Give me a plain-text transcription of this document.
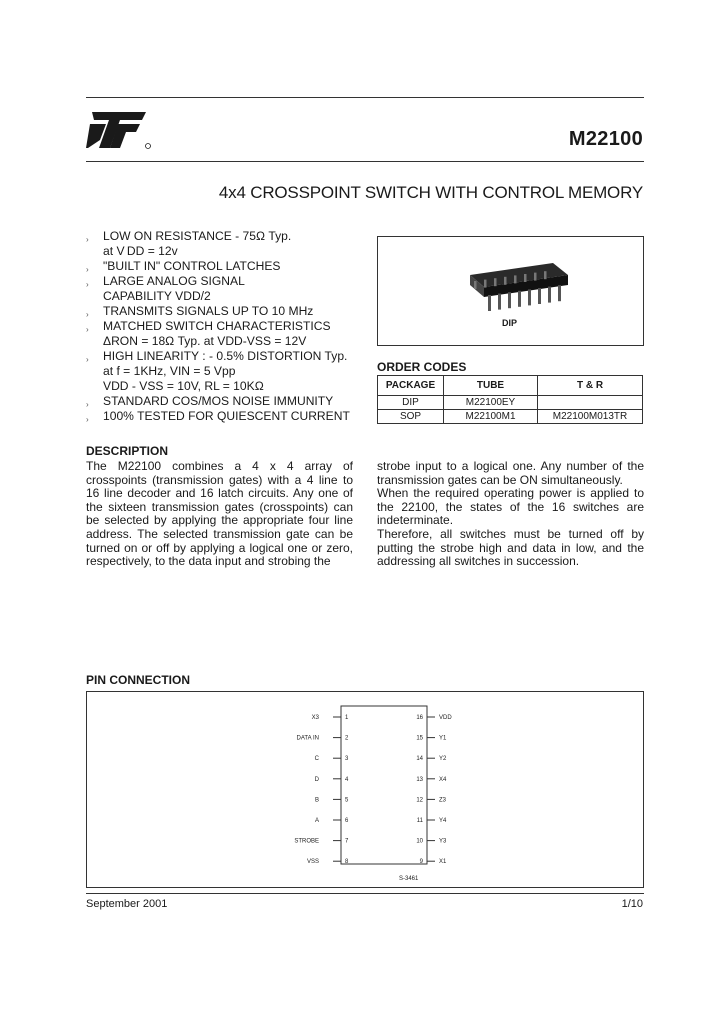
M22100
4x4 CROSSPOINT SWITCH WITH CONTROL MEMORY
› LOW ON RESISTANCE - 75Ω Typ.
at V DD = 12v
› "BUILT IN" CONTROL LATCHES
› LARGE ANALOG SIGNAL
CAPABILITY VDD/2
› TRANSMITS SIGNALS UP TO 10 MHz
› MATCHED SWITCH CHARACTERISTICS
ΔRON = 18Ω Typ. at VDD-VSS = 12V
› HIGH LINEARITY : - 0.5% DISTORTION Typ.
at f = 1KHz, VIN = 5 Vpp
VDD - VSS = 10V, RL = 10KΩ
› STANDARD COS/MOS NOISE IMMUNITY
› 100% TESTED FOR QUIESCENT CURRENT
DIP
ORDER CODES
PACKAGE	TUBE	T & R
DIP	M22100EY	
SOP	M22100M1	M22100M013TR
DESCRIPTION

The M22100 combines a 4 x 4 array of crosspoints (transmission gates) with a 4 line to 16 line decoder and 16 latch circuits. Any one of the sixteen transmission gates (crosspoints) can be selected by applying the appropriate four line address. The selected transmission gate can be turned on or off by applying a logical one or zero, respectively, to the data input and strobing the

strobe input to a logical one. Any number of the transmission gates can be ON simultaneously.

When the required operating power is applied to the 22100, the states of the 16 switches are indeterminate.

Therefore, all switches must be turned off by putting the strobe high and data in low, and the addressing all switches in succession.

PIN CONNECTION
1
X3
2
DATA IN
3
C
4
D
5
B
6
A
7
STROBE
8
VSS
16	VDD
15	Y1
14	Y2
13	X4
12	Z3
11	Y4
10	Y3
9	X1
S-3461
September 2001	1/10
